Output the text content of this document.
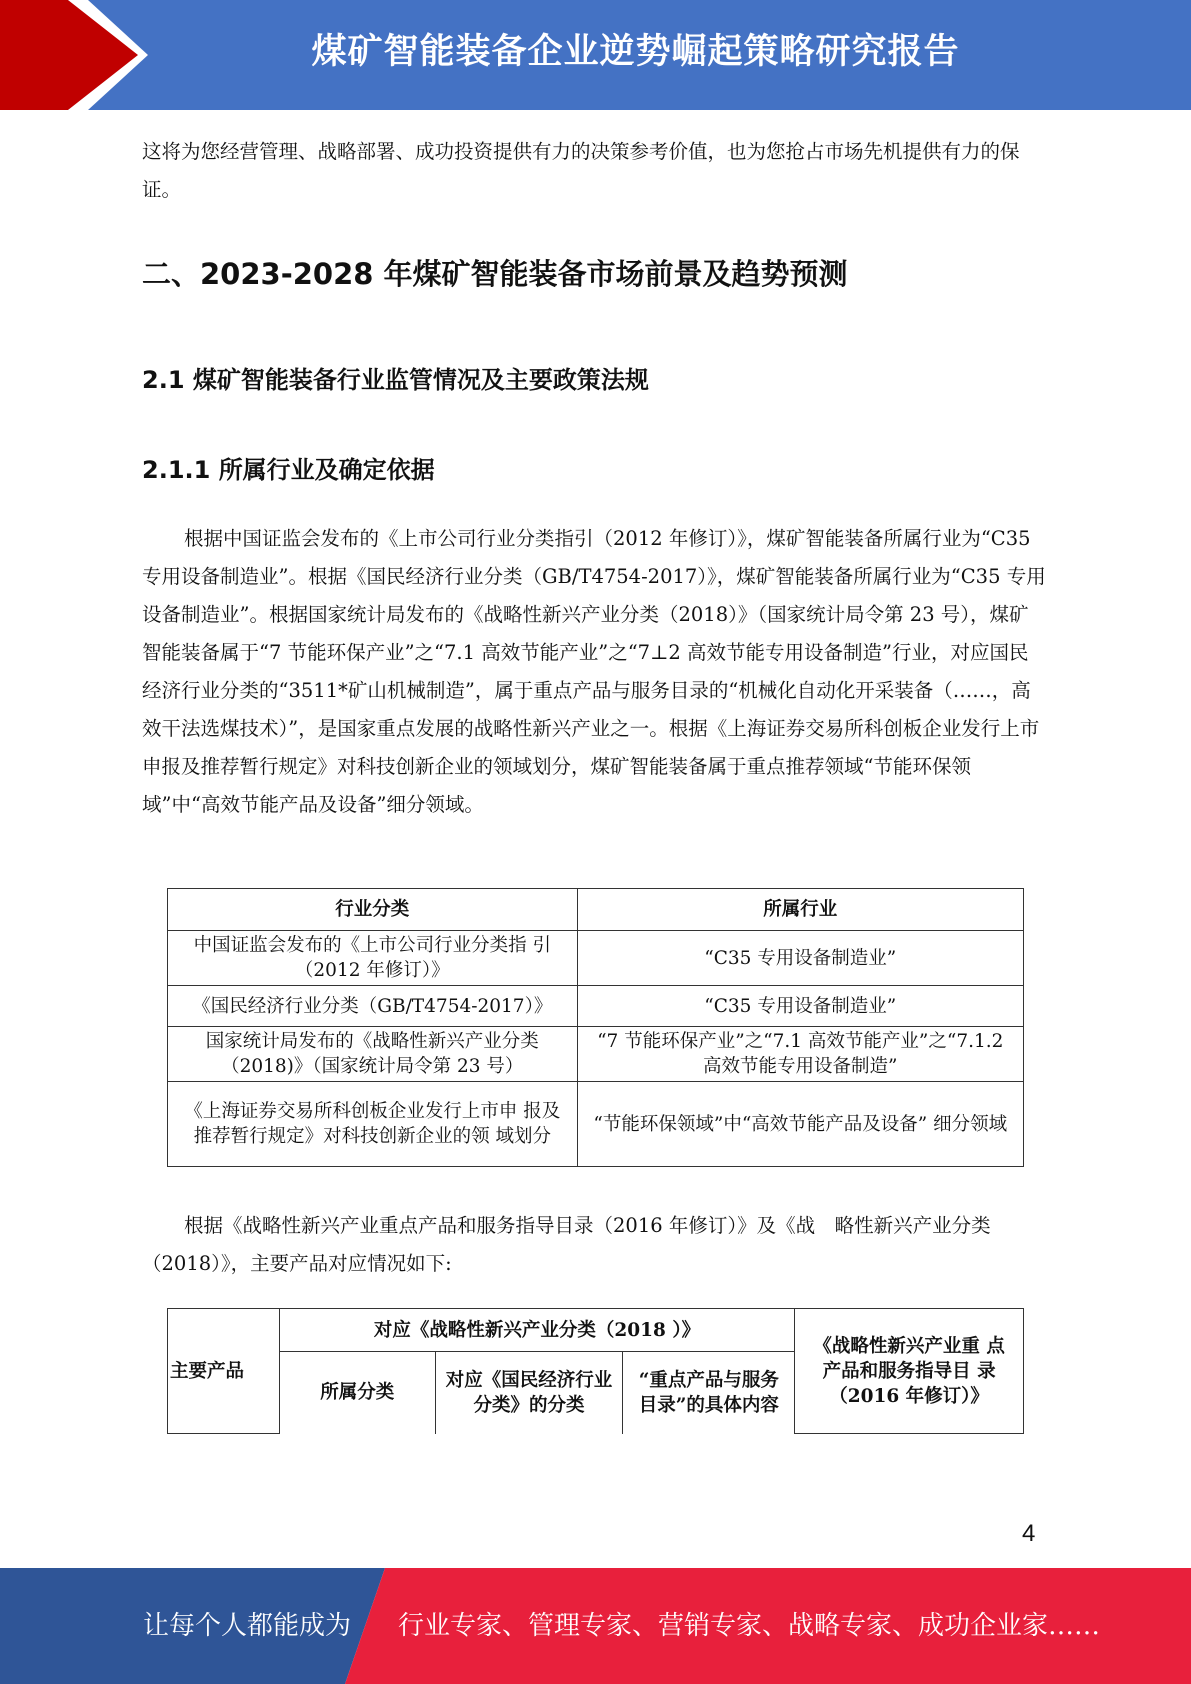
煤矿智能装备企业逆势崛起策略研究报告

这将为您经营管理、战略部署、成功投资提供有力的决策参考价值，也为您抢占市场先机提供有力的保证。

二、2023-2028 年煤矿智能装备市场前景及趋势预测
2.1 煤矿智能装备行业监管情况及主要政策法规
2.1.1 所属行业及确定依据

根据中国证监会发布的《上市公司行业分类指引（2012 年修订）》，煤矿智能装备所属行业为“C35 专用设备制造业”。根据《国民经济行业分类（GB/T4754-2017）》，煤矿智能装备所属行业为“C35 专用设备制造业”。根据国家统计局发布的《战略性新兴产业分类（2018）》（国家统计局令第 23 号），煤矿智能装备属于“7 节能环保产业”之“7.1 高效节能产业”之“7⊥2 高效节能专用设备制造”行业，对应国民经济行业分类的“3511*矿山机械制造”，属于重点产品与服务目录的“机械化自动化开采装备（……，高效干法选煤技术）”，是国家重点发展的战略性新兴产业之一。根据《上海证券交易所科创板企业发行上市申报及推荐暂行规定》对科技创新企业的领域划分，煤矿智能装备属于重点推荐领域“节能环保领域”中“高效节能产品及设备”细分领域。

行业分类	所属行业
中国证监会发布的《上市公司行业分类指 引（2012 年修订）》	“C35 专用设备制造业”
《国民经济行业分类（GB/T4754-2017）》	“C35 专用设备制造业”
国家统计局发布的《战略性新兴产业分类（2018)》（国家统计局令第 23 号）	“7 节能环保产业”之“7.1 高效节能产业”之“7.1.2 高效节能专用设备制造”
《上海证券交易所科创板企业发行上市申 报及推荐暂行规定》对科技创新企业的领 域划分	“节能环保领域”中“高效节能产品及设备” 细分领域

根据《战略性新兴产业重点产品和服务指导目录（2016 年修订）》及《战　略性新兴产业分类（2018）》，主要产品对应情况如下:

主要产品	对应《战略性新兴产业分类（2018 ）》			《战略性新兴产业重 点产品和服务指导目 录（2016 年修订）》
	所属分类	对应《国民经济行业分类》的分类	“重点产品与服务目录”的具体内容	
4
让每个人都能成为 行业专家、管理专家、营销专家、战略专家、成功企业家……
